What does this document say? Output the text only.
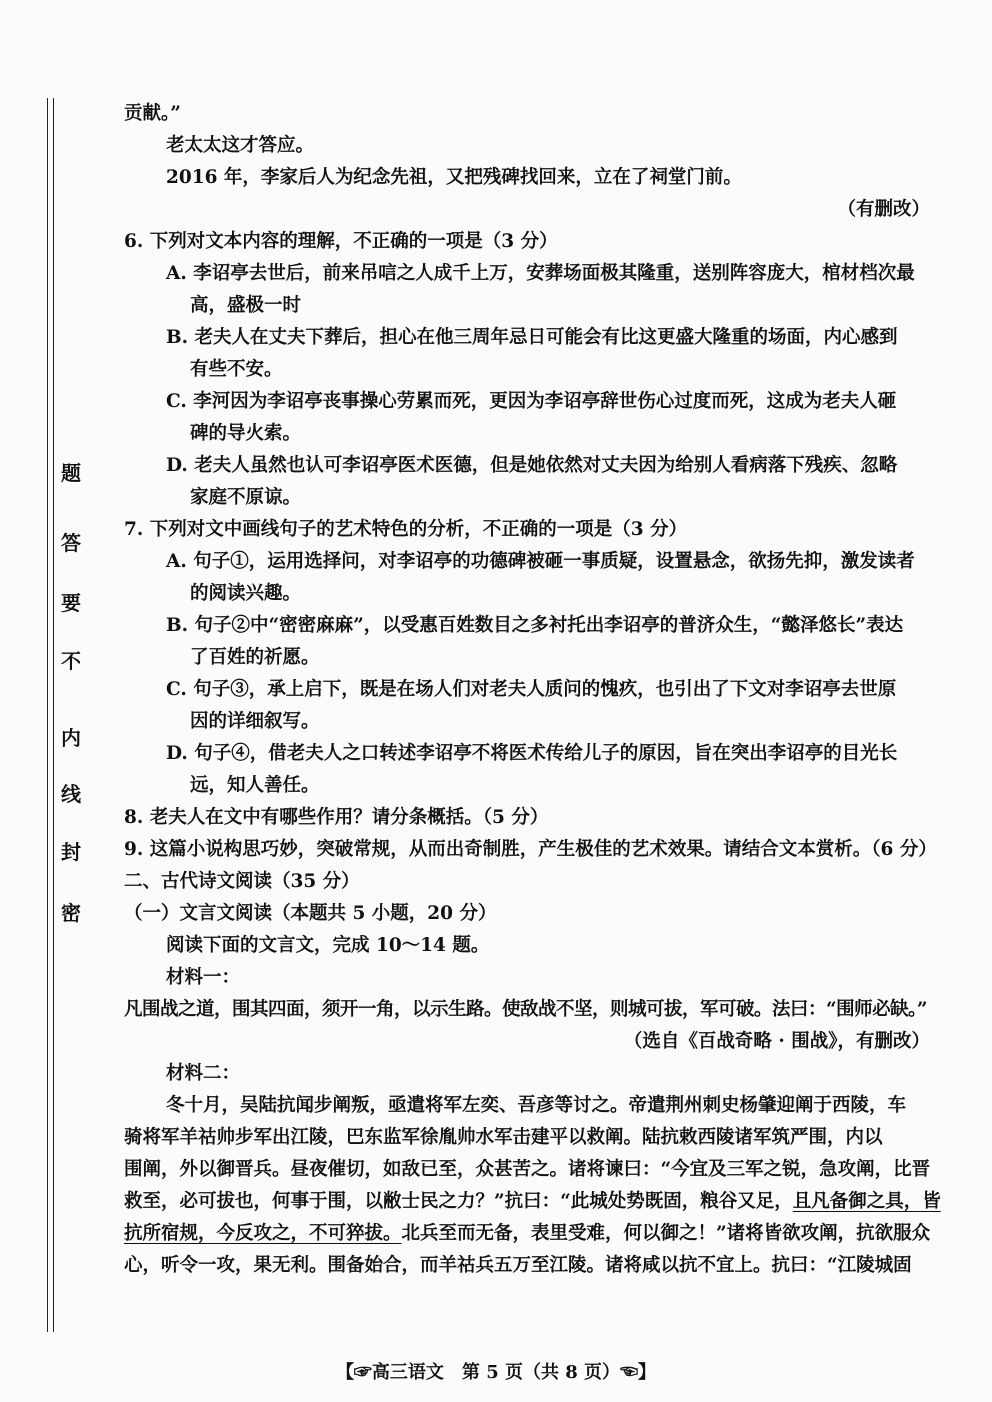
题
答
要
不
内
线
封
密
贡献。”
老太太这才答应。
2016 年，李家后人为纪念先祖，又把残碑找回来，立在了祠堂门前。
（有删改）
6. 下列对文本内容的理解，不正确的一项是（3 分）
A. 李诏亭去世后，前来吊唁之人成千上万，安葬场面极其隆重，送别阵容庞大，棺材档次最
高，盛极一时
B. 老夫人在丈夫下葬后，担心在他三周年忌日可能会有比这更盛大隆重的场面，内心感到
有些不安。
C. 李河因为李诏亭丧事操心劳累而死，更因为李诏亭辞世伤心过度而死，这成为老夫人砸
碑的导火索。
D. 老夫人虽然也认可李诏亭医术医德，但是她依然对丈夫因为给别人看病落下残疾、忽略
家庭不原谅。
7. 下列对文中画线句子的艺术特色的分析，不正确的一项是（3 分）
A. 句子①，运用选择问，对李诏亭的功德碑被砸一事质疑，设置悬念，欲扬先抑，激发读者
的阅读兴趣。
B. 句子②中“密密麻麻”，以受惠百姓数目之多衬托出李诏亭的普济众生，“懿泽悠长”表达
了百姓的祈愿。
C. 句子③，承上启下，既是在场人们对老夫人质问的愧疚，也引出了下文对李诏亭去世原
因的详细叙写。
D. 句子④，借老夫人之口转述李诏亭不将医术传给儿子的原因，旨在突出李诏亭的目光长
远，知人善任。
8. 老夫人在文中有哪些作用？请分条概括。（5 分）
9. 这篇小说构思巧妙，突破常规，从而出奇制胜，产生极佳的艺术效果。请结合文本赏析。（6 分）
二、古代诗文阅读（35 分）
（一）文言文阅读（本题共 5 小题，20 分）
阅读下面的文言文，完成 10～14 题。
材料一：
凡围战之道，围其四面，须开一角，以示生路。使敌战不坚，则城可拔，军可破。法曰：“围师必缺。”
（选自《百战奇略 · 围战》，有删改）
材料二：
冬十月，吴陆抗闻步阐叛，亟遣将军左奕、吾彦等讨之。帝遣荆州刺史杨肇迎阐于西陵，车
骑将军羊祜帅步军出江陵，巴东监军徐胤帅水军击建平以救阐。陆抗敕西陵诸军筑严围，内以
围阐，外以御晋兵。昼夜催切，如敌已至，众甚苦之。诸将谏曰：“今宜及三军之锐，急攻阐，比晋
救至，必可拔也，何事于围，以敝士民之力？”抗曰：“此城处势既固，粮谷又足，且凡备御之具，皆
抗所宿规，今反攻之，不可猝拔。北兵至而无备，表里受难，何以御之！”诸将皆欲攻阐，抗欲服众
心，听令一攻，果无利。围备始合，而羊祜兵五万至江陵。诸将咸以抗不宜上。抗曰：“江陵城固
【☞高三语文　第 5 页（共 8 页）☜】
